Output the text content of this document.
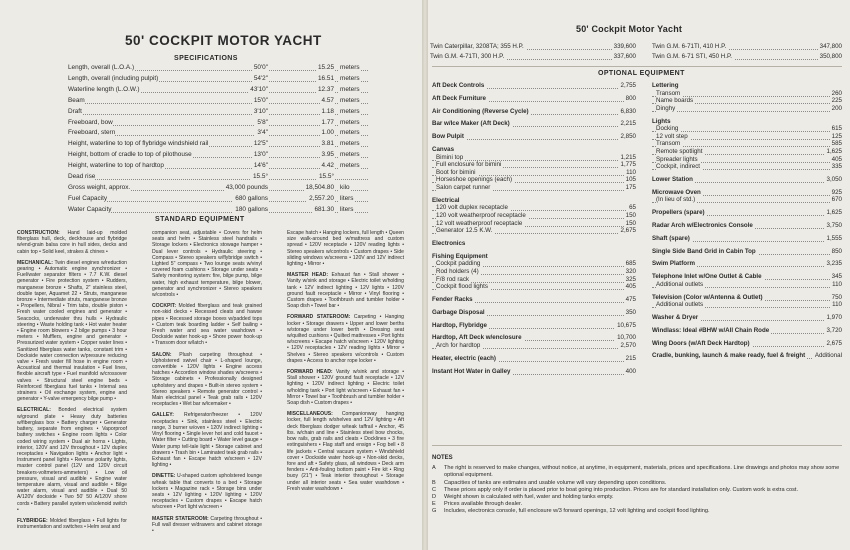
50' COCKPIT MOTOR YACHT
SPECIFICATIONS
Length, overall (L.O.A.)	50'0"	15.25 meters
Length, overall (including pulpit)	54'2"	16.51 meters
Waterline length (L.O.W.)	43'10"	12.37 meters
Beam	15'0"	4.57 meters
Draft	3'10"	1.18 meters
Freeboard, bow	5'8"	1.77 meters
Freeboard, stern	3'4"	1.00 meters
Height, waterline to top of flybridge windshield rail	12'5"	3.81 meters
Height, bottom of cradle to top of pilothouse	13'0"	3.95 meters
Height, waterline to top of hardtop	14'6"	4.42 meters
Dead rise	15.5°	15.5°
Gross weight, approx.	43,000 pounds	18,504.80 kilo
Fuel Capacity	680 gallons	2,557.20 liters
Water Capacity	180 gallons	681.30 liters
STANDARD EQUIPMENT

CONSTRUCTION: Hand laid-up molded fiberglass hull, deck, deckhouse and flybridge w/end-grain balsa core in hull sides, decks and cabin top • Solid keel, strakes & chines •

MECHANICAL: Twin diesel engines w/reduction gearing • Automatic engine synchronizer • Fuel/water separator filters • 7.7 K.W. diesel generator • Fire protection system • Rudders, manganese bronze • Shafts, 2" stainless steel, double taper, Aquamet 22 • Struts, manganese bronze • Intermediate struts, manganese bronze • Propellers, Nibral • Trim tabs, double piston • Fresh water cooled engines and generator • Seacocks, underwater thru hulls • Hydraulic steering • Waste holding tank • Hot water heater • Engine room blowers • 2 bilge pumps • 3 hour meters • Mufflers, engine and generator • Pressurized water system • Copper water lines • Sanitized fiberglass water tanks, constant trim • Dockside water connection w/pressure reducing valve • Fresh water fill hose in engine room • Acoustical and thermal insulation • Fuel lines, flexible aircraft type • Fuel manifold w/crossover valves • Structural steel engine beds • Reinforced fiberglass fuel tanks • Internal sea strainers • Oil exchange system, engine and generator • Y-valve emergency bilge pump •

ELECTRICAL: Bonded electrical system w/ground plate • Heavy duty batteries w/fiberglass box • Battery charger • Generator battery, separate from engines • Vaporproof battery switches • Engine room lights • Color coded wiring system • Dual air horns • Lights, interior, 120V and 12V throughout • 12V duplex receptacles • Navigation lights • Anchor light • Instrument panel lights • Reverse polarity lights, master control panel (12V and 120V circuit breakers-voltmeters-ammeters) • Low oil pressure, visual and audible • Engine water temperature alarm, visual and audible • Bilge water alarm, visual and audible • Dual 50 A/120V dockside • Two 50' 50 A/120V shore cords • Battery parallel system w/solenoid switch •

FLYBRIDGE: Molded fiberglass • Full lights for instrumentation and switches • Helm seat and

companion seat, adjustable • Covers for helm seats and helm • Stainless steel handrails • Storage lockers • Electronics stowage hamper • Dual lever controls • Hydraulic steering • Compass • Stereo speakers w/flybridge switch • Lighted 5" compass • Two lounge seats w/vinyl covered foam cushions • Storage under seats • Safety monitoring system: fire, bilge pump, bilge water, high exhaust temperature, bilge blower, generator and synchronizer • Stereo speakers w/controls •

COCKPIT: Molded fiberglass and teak grained non-skid decks • Recessed cleats and hawse pipes • Recessed storage boxes w/padded tops • Custom teak boarding ladder • Self bailing • Fresh water and sea water washdown • Dockside water hook-up • Shore power hook-up • Transom door w/latch •

SALON: Plush carpeting throughout • Upholstered swivel chair • L-shaped lounge, convertible • 120V lights • Engine access hatches • Accordion window shades w/screens • Storage cabinets • Professionally designed upholstery and drapes • Built-in stereo system • Stereo speakers • Remote generator control • Main electrical panel • Teak grab rails • 120V receptacles • Wet bar w/icemaker •

GALLEY: Refrigerator/freezer • 120V receptacles • Sink, stainless steel • Electric range, 3 burner w/oven • 120V indirect lighting • Vinyl flooring • Single lever hot and cold faucet • Water filter • Cutting board • Water level gauge • Water pump tell-tale light • Storage cabinet and drawers • Trash bin • Laminated teak grab rails • Exhaust fan • Escape hatch w/screen • 12V lighting •

DINETTE: U-shaped custom upholstered lounge w/teak table that converts to a bed • Storage lockers • Magazine rack • Storage bins under seats • 12V lighting • 120V lighting • 120V receptacles • Custom drapes • Escape hatch w/screen • Port light w/screen •

MASTER STATEROOM: Carpeting throughout • Full wall dresser w/drawers and cabinet storage •

Escape hatch • Hanging lockers, full length • Queen size walk-around bed w/mattress and custom spread • 120V receptacle • 120V reading lights • Stereo speakers w/controls • Custom drapes • Side sliding windows w/screens • 120V and 12V indirect lighting • Mirror •

MASTER HEAD: Exhaust fan • Stall shower • Vanity w/sink and storage • Electric toilet w/holding tank • 12V indirect lighting • 12V lights • 120V ground fault receptacle • Mirror • Vinyl flooring • Custom drapes • Toothbrush and tumbler holder • Soap dish • Towel bar •

FORWARD STATEROOM: Carpeting • Hanging locker • Storage drawers • Upper and lower berths w/storage under lower berth • Dressing seat w/quilted cushions • Quilted mattresses • Port lights w/screens • Escape hatch w/screen • 120V lighting • 120V receptacles • 12V reading lights • Mirror • Shelves • Stereo speakers w/controls • Custom drapes • Access to anchor rope locker •

FORWARD HEAD: Vanity w/sink and storage • Stall shower • 120V ground fault receptacle • 12V lighting • 120V indirect lighting • Electric toilet w/holding tank • Port light w/screen • Exhaust fan • Mirror • Towel bar • Toothbrush and tumbler holder • Soap dish • Custom drapes •

MISCELLANEOUS: Companionway hanging locker, full length w/shelves and 12V lighting • Aft deck fiberglass dodger w/teak taffrail • Anchor, 45 lbs. w/chain and line • Stainless steel bow chocks, bow rails, grab rails and cleats • Docklines • 3 fire extinguishers • Flag staff and ensign • Fog bell • 8 life jackets • Central vacuum system • Windshield cover • Dockside water hook-up • Non-skid decks, fore and aft • Safety glass, all windows • Deck arm fenders • Anti-fouling bottom paint • Fire kit • Ring buoy (21") • Teak interior throughout • Storage under all interior seats • Sea water washdown • Fresh water washdown •

50' Cockpit Motor Yacht
Twin Caterpillar, 3208TA; 355 H.P.	339,600
Twin G.M. 4-71TI, 300 H.P.	337,600
Twin G.M. 6-71TI, 410 H.P.	347,800
Twin G.M. 6-71 STI, 450 H.P.	350,800
OPTIONAL EQUIPMENT
Aft Deck Controls	2,755
Aft Deck Furniture	800
Air Conditioning (Reverse Cycle)	6,830
Bar w/Ice Maker (Aft Deck)	2,215
Bow Pulpit	2,850
Canvas
Bimini top	1,215
Full enclosure for bimini	1,775
Boot for bimini	110
Horseshoe openings (each)	105
Salon carpet runner	175
Electrical
120 volt duplex receptacle	65
120 volt weatherproof receptacle	150
12 volt weatherproof receptacle	150
Generator 12.5 K.W.	2,675
Electronics
Fishing Equipment
Cockpit padding	685
Rod holders (4)	320
F/8 rod rack	325
Cockpit flood lights	405
Fender Racks	475
Garbage Disposal	350
Hardtop, Flybridge	10,675
Hardtop, Aft Deck w/enclosure	10,700
Arch for hardtop	2,570
Heater, electric (each)	215
Instant Hot Water in Galley	400
Lettering
Transom	260
Name boards	225
Dinghy	200
Lights
Docking	615
12 volt step	125
Transom	585
Remote spotlight	1,625
Spreader lights	405
Cockpit, indirect	335
Lower Station	3,050
Microwave Oven	925
(In lieu of std.)	670
Propellers (spare)	1,625
Radar Arch w/Electronics Console	3,750
Shaft (spare)	1,555
Single Side Band Grid in Cabin Top	850
Swim Platform	3,235
Telephone Inlet w/One Outlet & Cable	345
Additional outlets	110
Television (Color w/Antenna & Outlet)	750
Additional outlets	110
Washer & Dryer	1,970
Windlass: Ideal #BHW w/All Chain Rode	3,720
Wing Doors (w/Aft Deck Hardtop)	2,675
Cradle, bunking, launch & make ready, fuel & freight	Additional
NOTES
A	The right is reserved to make changes, without notice, at anytime, in equipment, materials, prices and specifications. Line drawings and photos may show some optional equipment.
B	Capacities of tanks are estimates and usable volume will vary depending upon conditions.
C	These prices apply only if order is placed prior to boat going into production. Prices are for standard installation only. Custom work is extra cost.
D	Weight shown is calculated with fuel, water and holding tanks empty.
E	Prices available through dealer.
G	Includes, electronics console, full enclosure w/3 forward openings, 12 volt lighting and cockpit flood lighting.
